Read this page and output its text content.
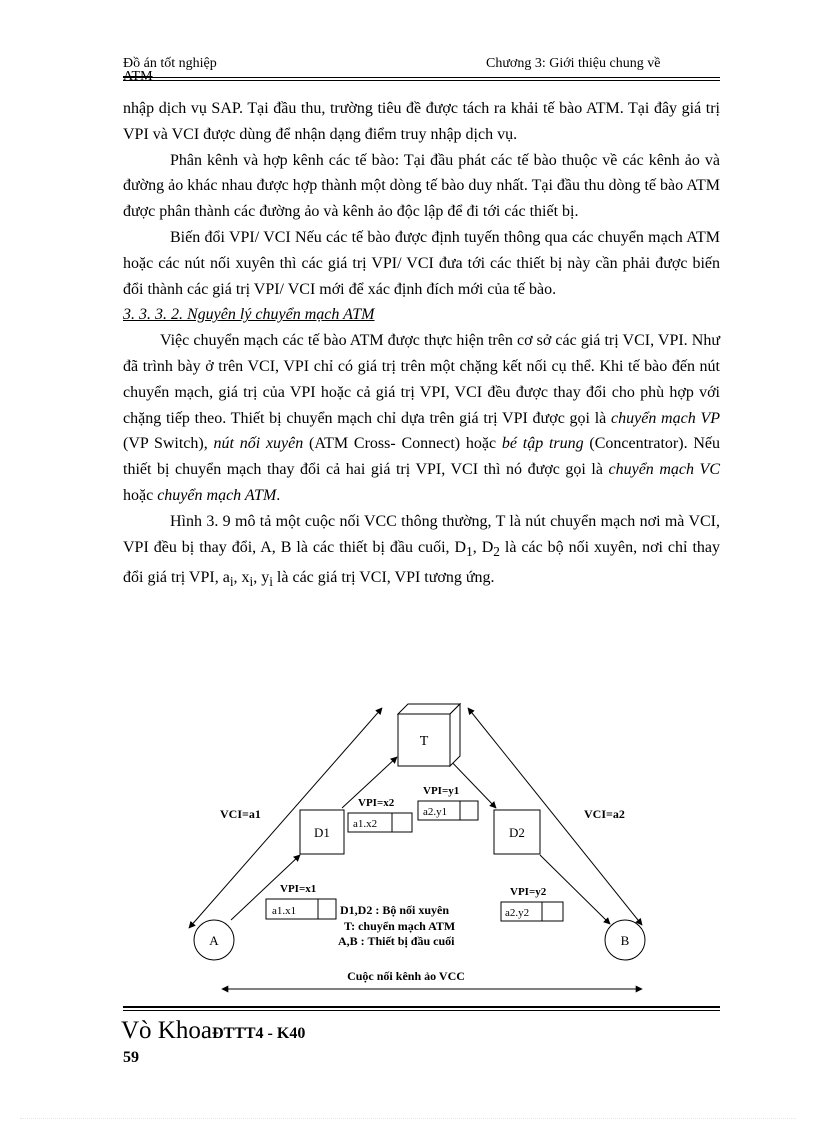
Đồ án tốt nghiệp
ATM
Chương 3: Giới thiệu chung về

nhập dịch vụ SAP. Tại đầu thu, trường tiêu đề được tách ra khải tế bào ATM. Tại đây giá trị VPI và VCI được dùng để nhận dạng điểm truy nhập dịch vụ.

Phân kênh và hợp kênh các tế bào: Tại đầu phát các tế bào thuộc về các kênh ảo và đường ảo khác nhau được hợp thành một dòng tế bào duy nhất. Tại đầu thu dòng tế bào ATM được phân thành các đường ảo và kênh ảo độc lập để đi tới các thiết bị.

Biến đổi VPI/ VCI Nếu các tế bào được định tuyến thông qua các chuyển mạch ATM hoặc các nút nối xuyên thì các giá trị VPI/ VCI đưa tới các thiết bị này cần phải được biến đổi thành các giá trị VPI/ VCI mới để xác định đích mới của tế bào.

3. 3. 3. 2. Nguyên lý chuyển mạch ATM

Việc chuyển mạch các tế bào ATM được thực hiện trên cơ sở các giá trị VCI, VPI. Như đã trình bày ở trên VCI, VPI chỉ có giá trị trên một chặng kết nối cụ thể. Khi tế bào đến nút chuyển mạch, giá trị của VPI hoặc cả giá trị VPI, VCI đều được thay đổi cho phù hợp với chặng tiếp theo. Thiết bị chuyển mạch chỉ dựa trên giá trị VPI được gọi là chuyển mạch VP (VP Switch), nút nối xuyên (ATM Cross- Connect) hoặc bé tập trung (Concentrator). Nếu thiết bị chuyển mạch thay đổi cả hai giá trị VPI, VCI thì nó được gọi là chuyển mạch VC hoặc chuyển mạch ATM.

Hình 3. 9 mô tả một cuộc nối VCC thông thường, T là nút chuyển mạch nơi mà VCI, VPI đều bị thay đổi, A, B là các thiết bị đầu cuối, $D_1$, $D_2$ là các bộ nối xuyên, nơi chỉ thay đổi giá trị VPI, $a_i$, $x_i$, $y_i$ là các giá trị VCI, VPI tương ứng.

T
D1	D2
A	B
VCI=a1	VCI=a2
VPI=x2
VPI=y1
VPI=x1	VPI=y2
a1.x2
a2.y1
a1.x1	a2.y2
D1,D2 : Bộ nối xuyên
T: chuyển mạch ATM
A,B : Thiết bị đầu cuối
Cuộc nối kênh ảo VCC
Vò KhoaĐTTT4 - K40
59
